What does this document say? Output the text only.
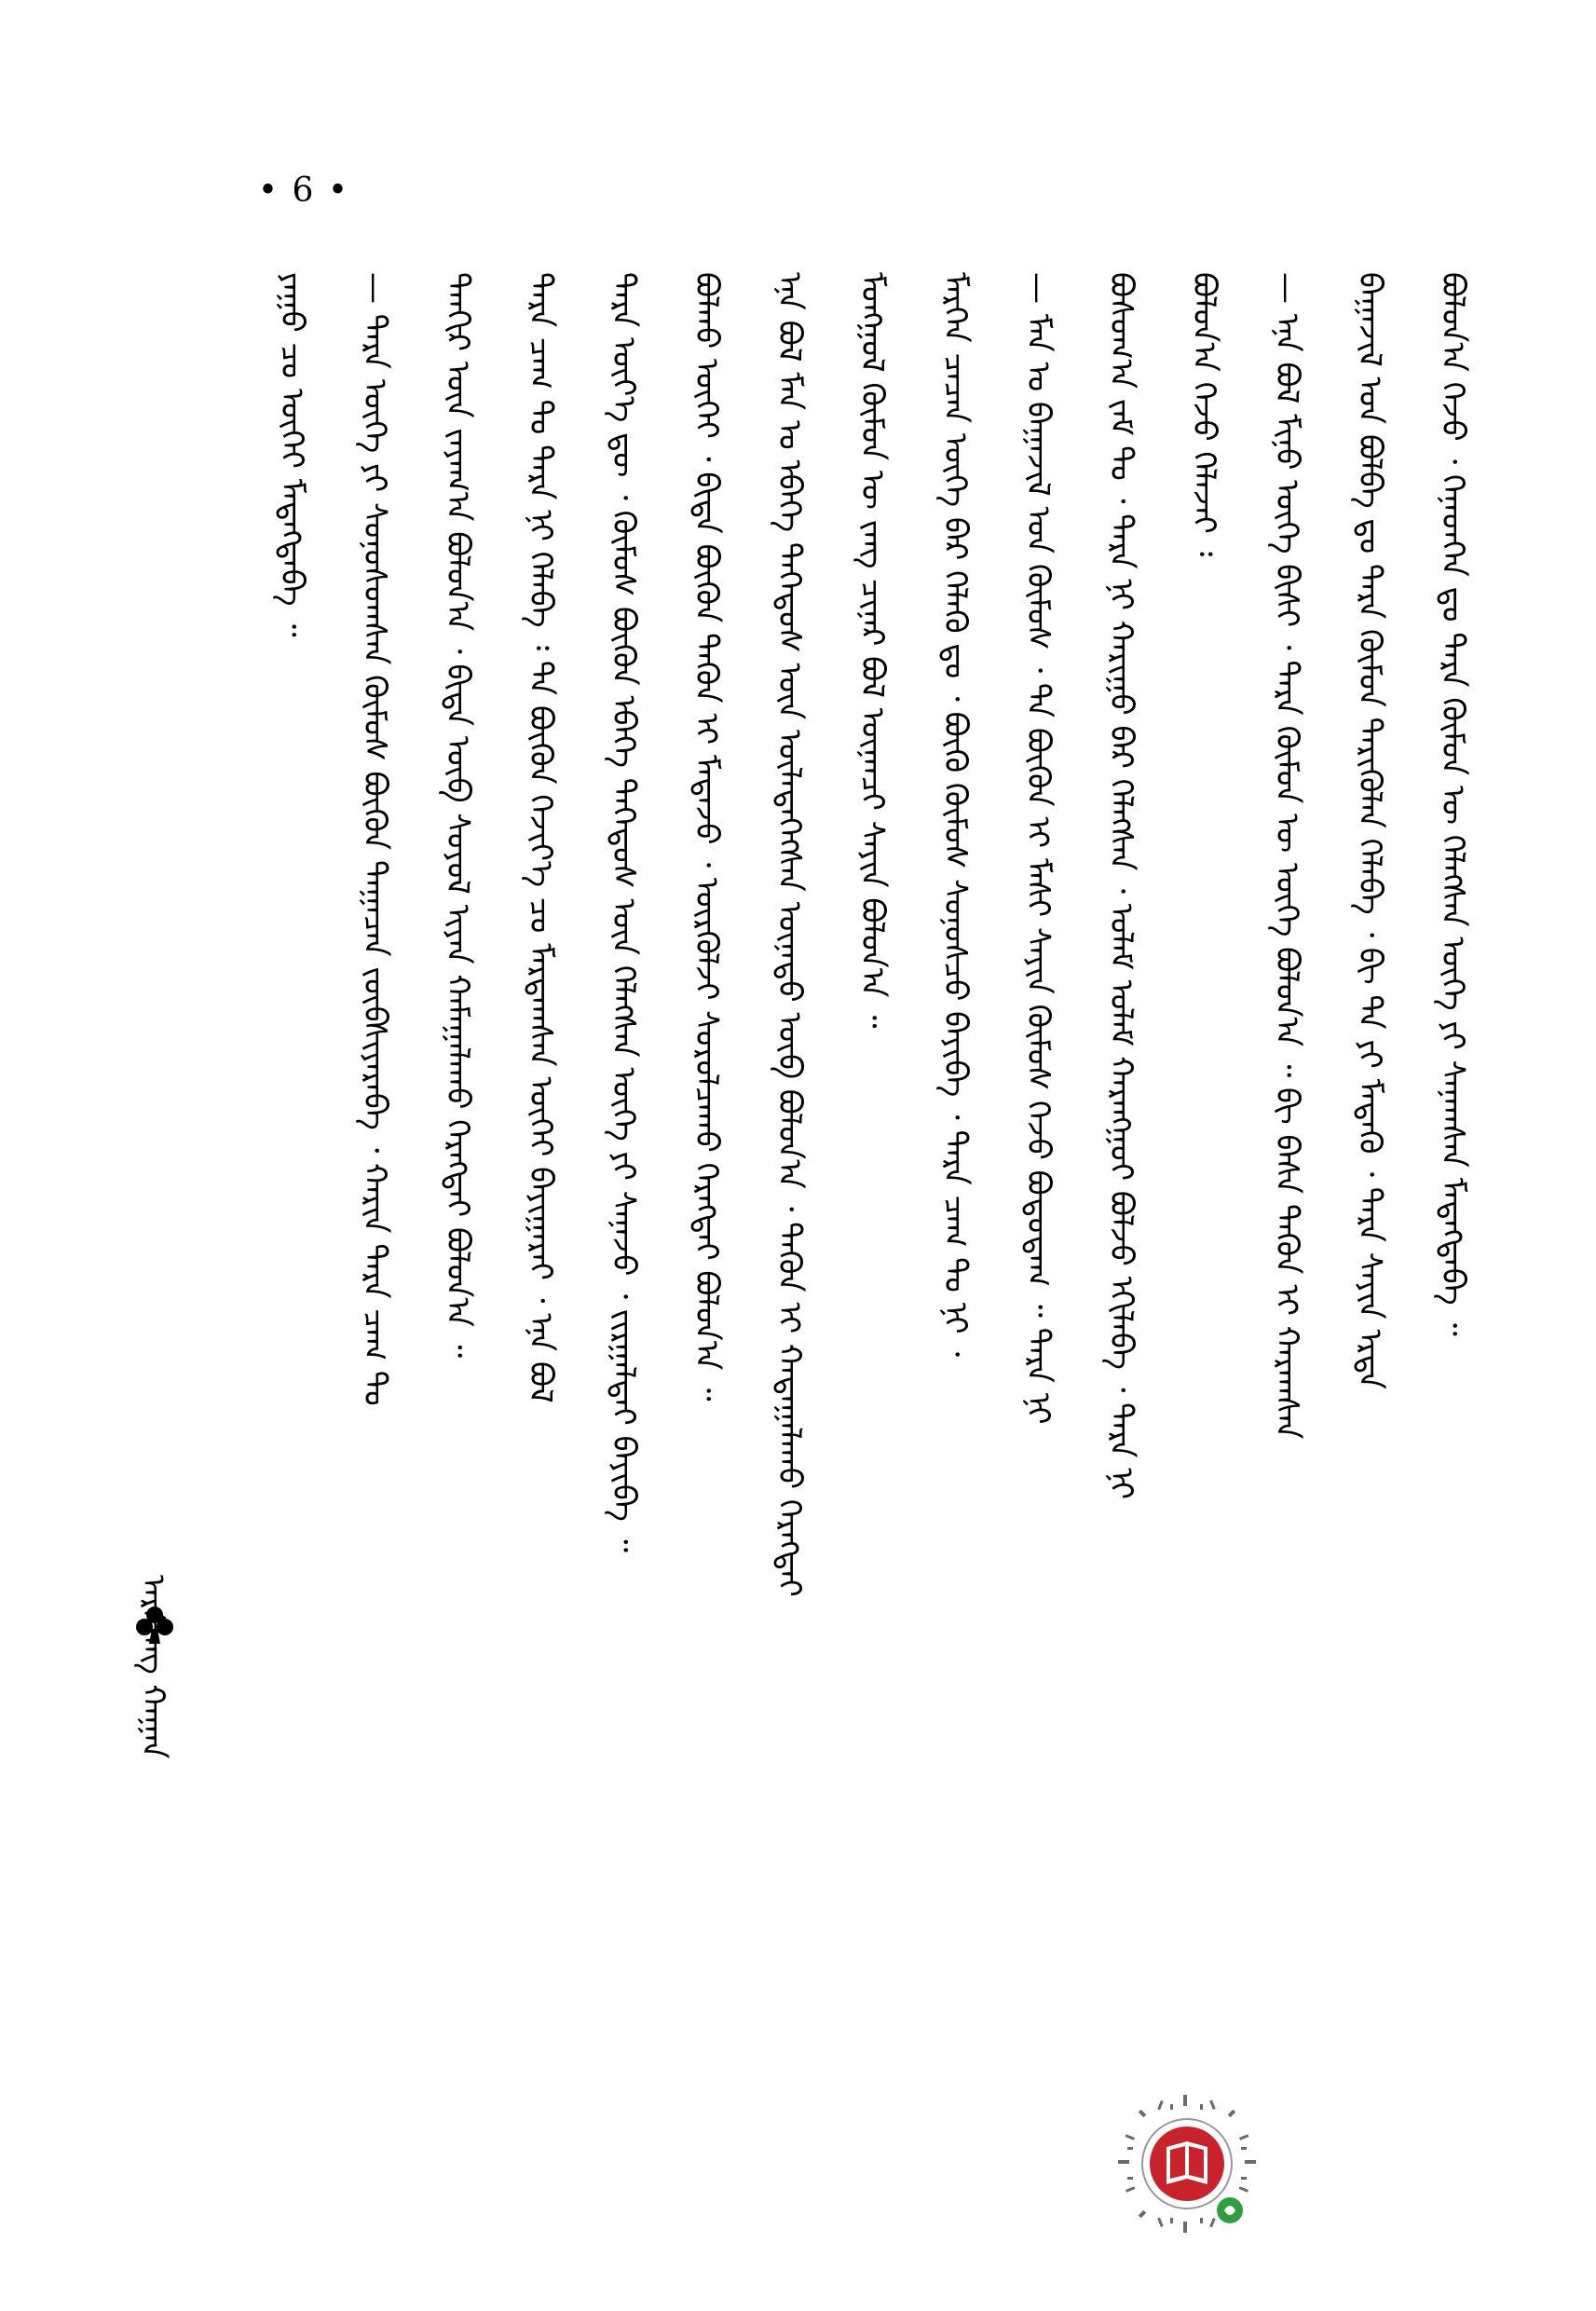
• 6 •
ᠪᠣᠯᠤᠨ᠎ᠠ ᠭᠡᠵᠦ ᠂ ᠭᠡᠨᠡᠳᠬᠡᠨ ᠳᠤ ᠲᠡᠷᠡ ᠬᠦᠮᠦᠨ ᠦ ᠬᠡᠯᠡᠭᠰᠡᠨ ᠦᠭᠡ ᠶᠢ ᠰᠠᠨᠠᠭᠰᠠᠨ ᠮᠡᠳᠡᠭᠳᠡᠪᠡ ᠃
ᠪᠠᠭᠠᠵᠢᠯ ᠤᠨ ᠪᠣᠯᠪᠠ ᠳᠤ ᠲᠡᠷᠡ ᠬᠦᠮᠦᠨ ᠲᠡᠷᠢᠭᠦᠯᠡᠨ ᠬᠡᠯᠡᠪᠡ ᠂ ᠪᠢ ᠲᠠ ᠶᠢ ᠮᠡᠳᠡᠬᠦ ᠂ ᠲᠡᠷᠡ ᠰᠠᠶᠢᠨ ᠡᠷᠲᠡ
— ᠡᠨᠡ ᠪᠣᠯ ᠮᠢᠨᠤ ᠦᠭᠡ ᠪᠢᠰᠢ ᠂ ᠲᠡᠷᠡ ᠬᠦᠮᠦᠨ ᠦ ᠦᠭᠡ ᠪᠣᠯᠤᠨ᠎ᠠ ᠃ ᠪᠢ ᠪᠠᠰᠠ ᠲᠡᠭᠦᠨ ᠢ ᠬᠠᠷᠠᠭᠰᠠᠨ
ᠪᠣᠯᠤᠨ᠎ᠠ ᠭᠡᠵᠦ ᠬᠡᠯᠡᠵᠡᠢ ᠄
ᠪᠣᠰᠣᠭ᠎ᠠ ᠵᠠᠮ ᠲᠤ ᠂ ᠲᠡᠷᠡ ᠨᠢ ᠬᠠᠷᠢᠭᠤ ᠪᠡᠷ ᠬᠡᠯᠡᠭᠰᠡᠨ ᠂ ᠤᠯᠠᠮ ᠤᠯᠠᠮ ᠬᠠᠷᠠᠩᠭᠤᠢ ᠪᠣᠯᠵᠤ ᠡᠬᠢᠯᠡᠪᠡ ᠂ ᠲᠡᠷᠡ ᠨᠢ
— ᠮᠠᠨ ᠤ ᠪᠠᠭᠠᠵᠢᠯ ᠤᠨ ᠬᠦᠮᠦᠰ ᠂ ᠲᠠ ᠪᠦᠬᠦᠨ ᠢ ᠮᠠᠰᠢ ᠰᠠᠶᠢᠨ ᠬᠦᠮᠦᠰ ᠭᠡᠵᠦ ᠪᠣᠳᠣᠳᠠᠭ ᠃ ᠲᠡᠷᠡ ᠨᠢ
ᠮᠡᠷᠭᠡᠨ ᠴᠡᠴᠡᠨ ᠦᠭᠡ ᠪᠡᠷ ᠬᠡᠯᠡᠬᠦ ᠳᠤ ᠂ ᠪᠦᠬᠦ ᠬᠦᠮᠦᠰ ᠰᠣᠨᠣᠰᠴᠤ ᠪᠠᠶᠢᠪᠠ ᠂ ᠲᠡᠷᠡ ᠴᠠᠭ ᠲᠤ ᠨᠢ ᠂
ᠮᠣᠩᠭᠣᠯ ᠬᠦᠮᠦᠨ ᠦ ᠵᠠᠩ ᠴᠢᠨᠠᠷ ᠪᠣᠯ ᠦᠨᠡᠨᠴᠢ ᠰᠠᠶᠢᠨ ᠪᠣᠯᠤᠨ᠎ᠠ ᠃
ᠡᠨᠡ ᠪᠣᠯ ᠮᠠᠨ ᠤ ᠡᠪᠡᠭᠡ ᠳᠡᠭᠡᠳᠦᠰ ᠦᠨ ᠦᠯᠡᠳᠡᠭᠡᠭᠰᠡᠨ ᠦᠨᠡᠲᠦ ᠦᠪ ᠪᠣᠯᠤᠨ᠎ᠠ ᠂ ᠲᠡᠭᠦᠨ ᠢ ᠬᠠᠳᠠᠭᠠᠯᠠᠬᠤ ᠬᠡᠷᠡᠭᠲᠡᠢ
ᠪᠣᠯᠬᠤ ᠦᠭᠡᠢ ᠂ ᠪᠢᠳᠡ ᠪᠦᠬᠦᠨ ᠲᠡᠭᠦᠨ ᠢ ᠮᠡᠳᠡᠵᠦ ᠂ ᠦᠷᠭᠦᠯᠵᠢ ᠰᠤᠷᠤᠯᠴᠠᠬᠤ ᠬᠡᠷᠡᠭᠲᠡᠢ ᠪᠣᠯᠤᠨ᠎ᠠ ᠃
ᠲᠡᠷᠡ ᠦᠶ᠎ᠡ ᠳᠦ ᠂ ᠬᠦᠮᠦᠰ ᠪᠦᠬᠦᠨ ᠡᠪᠡᠭᠡ ᠳᠡᠭᠡᠳᠦᠰ ᠦᠨ ᠬᠡᠯᠡᠭᠰᠡᠨ ᠦᠭᠡ ᠶᠢ ᠰᠠᠨᠠᠵᠤ ᠂ ᠵᠢᠷᠭᠠᠯᠲᠠᠢ ᠪᠠᠶᠢᠪᠠ ᠃
ᠲᠡᠷᠡ ᠴᠠᠭ ᠲᠤ ᠲᠡᠷᠡ ᠨᠢ ᠬᠡᠯᠡᠪᠡ ᠄ ᠲᠠ ᠪᠦᠬᠦᠨ ᠬᠡᠵᠢᠶ᠎ᠡ ᠴᠤ ᠮᠠᠷᠲᠠᠭᠰᠠᠨ ᠦᠭᠡᠢ ᠪᠠᠶᠢᠭᠠᠷᠠᠢ ᠂ ᠡᠨᠡ ᠪᠣᠯ
ᠲᠡᠨᠭᠢᠷ ᠦᠨ ᠵᠠᠶᠠᠭ᠎ᠠ ᠪᠣᠯᠤᠨ᠎ᠠ ᠂ ᠪᠢᠳᠡ ᠦᠪ ᠰᠣᠶᠣᠯ ᠢᠶᠠᠨ ᠬᠠᠮᠠᠭᠠᠯᠠᠬᠤ ᠬᠡᠷᠡᠭᠲᠡᠢ ᠪᠣᠯᠤᠨ᠎ᠠ ᠃
— ᠲᠡᠷᠡ ᠦᠭᠡ ᠶᠢ ᠰᠣᠨᠣᠰᠤᠭᠰᠠᠨ ᠬᠦᠮᠦᠰ ᠪᠦᠬᠦᠨ ᠲᠠᠭᠠᠴᠠᠨ ᠵᠥᠪᠰᠢᠶᠡᠷᠡᠪᠡ ᠂ ᠬᠠᠷᠢᠨ ᠲᠡᠷᠡ ᠴᠠᠭ ᠲᠤ
ᠶᠠᠭᠤ ᠴᠤ ᠦᠭᠡᠢ ᠮᠡᠳᠡᠭᠳᠡᠪᠡ ᠃
ᠠᠷᠰᠯᠠᠩ ᠬᠠᠭᠠᠨ
